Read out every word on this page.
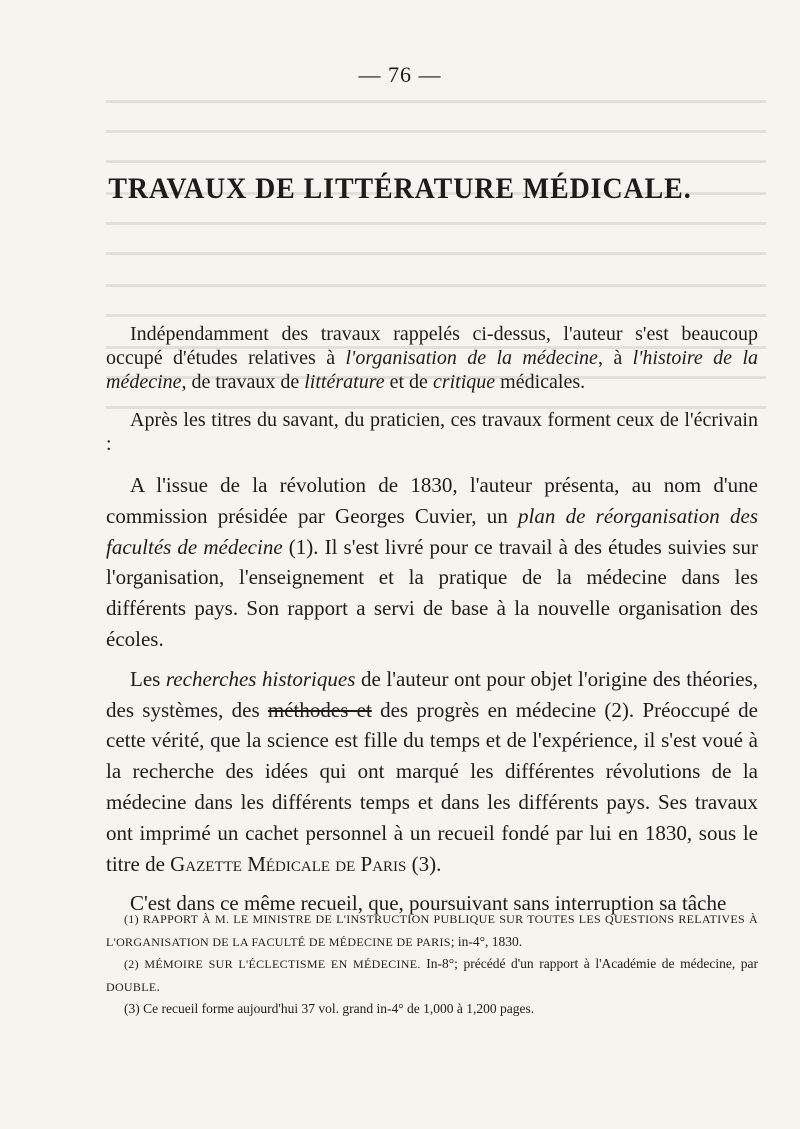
— 76 —
TRAVAUX DE LITTÉRATURE MÉDICALE.

Indépendamment des travaux rappelés ci-dessus, l'auteur s'est beaucoup occupé d'études relatives à l'organisation de la médecine, à l'histoire de la médecine, de travaux de littérature et de critique médicales.

Après les titres du savant, du praticien, ces travaux forment ceux de l'écrivain :

A l'issue de la révolution de 1830, l'auteur présenta, au nom d'une commission présidée par Georges Cuvier, un plan de réorganisation des facultés de médecine (1). Il s'est livré pour ce travail à des études suivies sur l'organisation, l'enseignement et la pratique de la médecine dans les différents pays. Son rapport a servi de base à la nouvelle organisation des écoles.

Les recherches historiques de l'auteur ont pour objet l'origine des théories, des systèmes, des méthodes et des progrès en médecine (2). Préoccupé de cette vérité, que la science est fille du temps et de l'expérience, il s'est voué à la recherche des idées qui ont marqué les différentes révolutions de la médecine dans les différents temps et dans les différents pays. Ses travaux ont imprimé un cachet personnel à un recueil fondé par lui en 1830, sous le titre de Gazette Médicale de Paris (3).

C'est dans ce même recueil, que, poursuivant sans interruption sa tâche

(1) RAPPORT À M. LE MINISTRE DE L'INSTRUCTION PUBLIQUE SUR TOUTES LES QUESTIONS RELATIVES À L'ORGANISATION DE LA FACULTÉ DE MÉDECINE DE PARIS; in-4°, 1830.

(2) MÉMOIRE SUR L'ÉCLECTISME EN MÉDECINE. In-8°; précédé d'un rapport à l'Académie de médecine, par DOUBLE.

(3) Ce recueil forme aujourd'hui 37 vol. grand in-4° de 1,000 à 1,200 pages.
